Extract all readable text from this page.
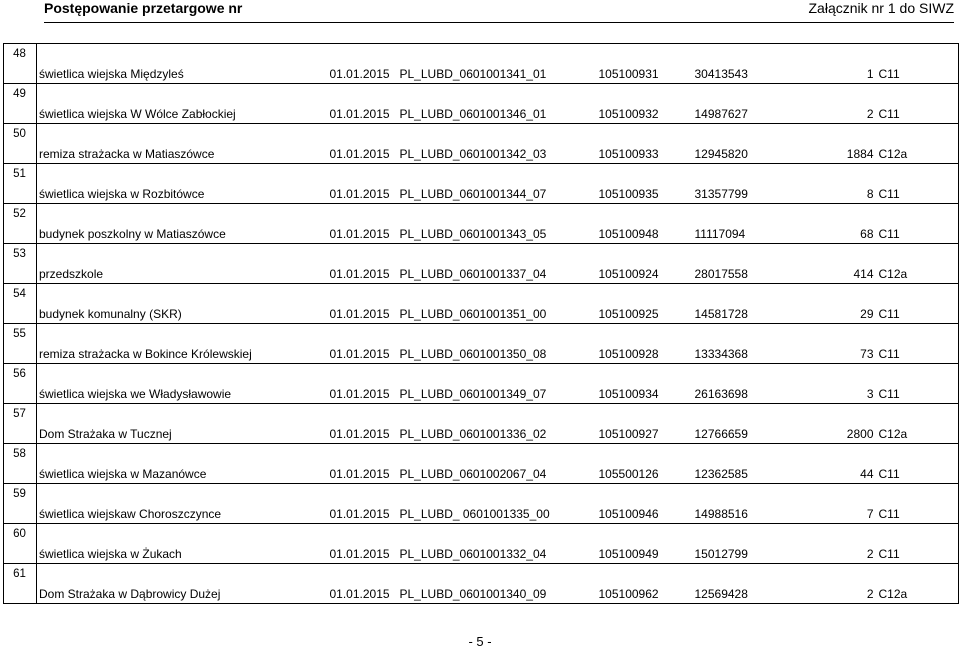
Postępowanie przetargowe nr	Załącznik nr 1 do SIWZ
48	świetlica wiejska Międzyleś	01.01.2015	PL_LUBD_0601001341_01	105100931	30413543	1	C11

49	świetlica wiejska W Wólce Zabłockiej	01.01.2015	PL_LUBD_0601001346_01	105100932	14987627	2	C11

50	remiza strażacka w Matiaszówce	01.01.2015	PL_LUBD_0601001342_03	105100933	12945820	1884	C12a

51	świetlica wiejska w Rozbitówce	01.01.2015	PL_LUBD_0601001344_07	105100935	31357799	8	C11

52	budynek poszkolny w Matiaszówce	01.01.2015	PL_LUBD_0601001343_05	105100948	11117094	68	C11

53	przedszkole	01.01.2015	PL_LUBD_0601001337_04	105100924	28017558	414	C12a

54	budynek komunalny (SKR)	01.01.2015	PL_LUBD_0601001351_00	105100925	14581728	29	C11

55	remiza strażacka w Bokince Królewskiej	01.01.2015	PL_LUBD_0601001350_08	105100928	13334368	73	C11

56	świetlica wiejska we Władysławowie	01.01.2015	PL_LUBD_0601001349_07	105100934	26163698	3	C11

57	Dom Strażaka w Tucznej	01.01.2015	PL_LUBD_0601001336_02	105100927	12766659	2800	C12a

58	świetlica wiejska w Mazanówce	01.01.2015	PL_LUBD_0601002067_04	105500126	12362585	44	C11

59	świetlica wiejskaw Choroszczynce	01.01.2015	PL_LUBD_ 0601001335_00	105100946	14988516	7	C11

60	świetlica wiejska w Żukach	01.01.2015	PL_LUBD_0601001332_04	105100949	15012799	2	C11

61	Dom Strażaka w Dąbrowicy Dużej	01.01.2015	PL_LUBD_0601001340_09	105100962	12569428	2	C12a
- 5 -
